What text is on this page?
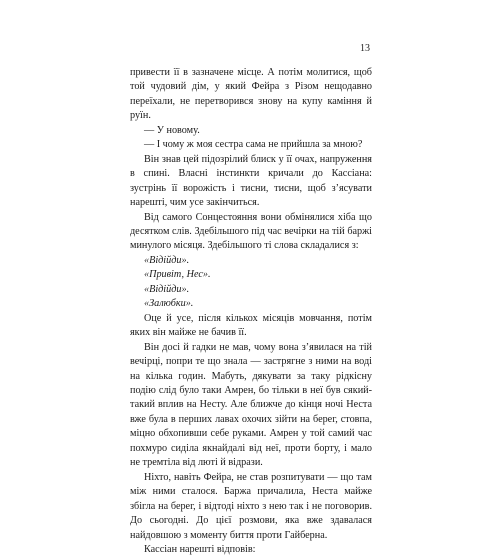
13

привести її в зазначене місце. А потім молитися, щоб той чудовий дім, у який Фейра з Різом нещодавно переїхали, не перетворився знову на купу каміння й руїн.

— У новому.

— І чому ж моя сестра сама не прийшла за мною?

Він знав цей підозрілий блиск у її очах, напруження в спині. Власні інстинкти кричали до Кассіана: зустрінь її ворожість і тисни, тисни, щоб з’ясувати нарешті, чим усе закінчиться.

Від самого Сонцестояння вони обмінялися хіба що десятком слів. Здебільшого під час вечірки на тій баржі минулого місяця. Здебільшого ті слова складалися з:

«Відійди».

«Привіт, Нес».

«Відійди».

«Залюбки».

Оце й усе, після кількох місяців мовчання, потім яких він майже не бачив її.

Він досі й гадки не мав, чому вона з’явилася на тій вечірці, попри те що знала — застрягне з ними на воді на кілька годин. Мабуть, дякувати за таку рідкісну подію слід було таки Амрен, бо тільки в неї був сякий-такий вплив на Несту. Але ближче до кінця ночі Неста вже була в перших лавах охочих зійти на берег, стовпа, міцно обхопивши себе руками. Амрен у той самий час похмуро сиділа якнайдалі від неї, проти борту, і мало не тремтіла від люті й відрази.

Ніхто, навіть Фейра, не став розпитувати — що там між ними сталося. Баржа причалила, Неста майже збігла на берег, і відтоді ніхто з нею так і не поговорив. До сьогодні. До цієї розмови, яка вже здавалася найдовшою з моменту биття проти Гайберна.

Кассіан нарешті відповів:
